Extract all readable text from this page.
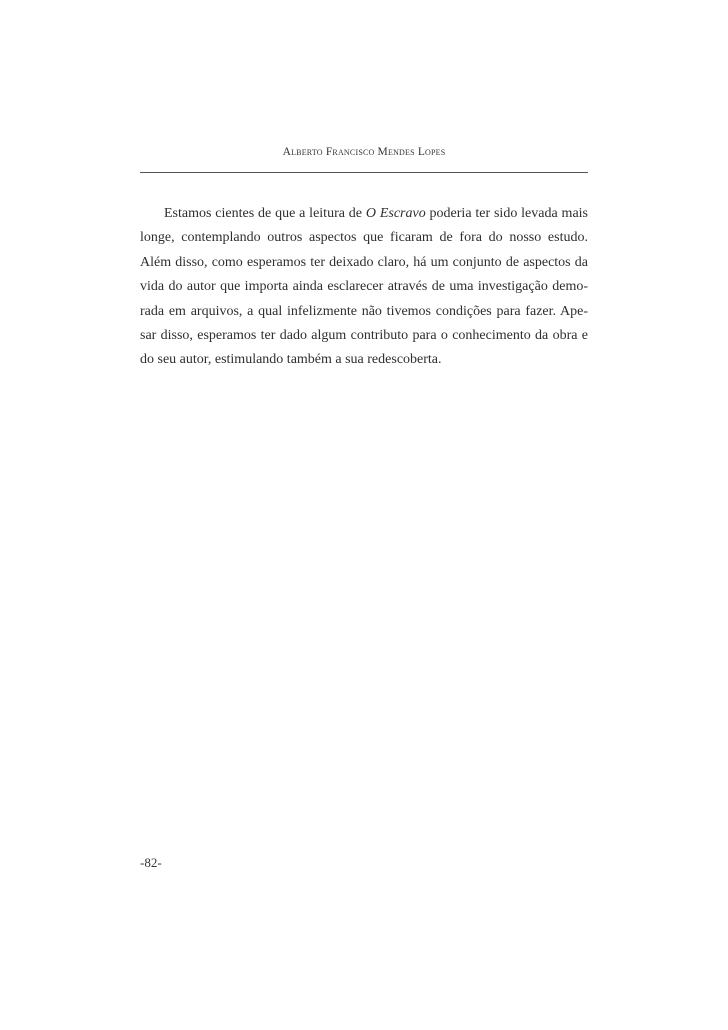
Alberto Francisco Mendes Lopes
Estamos cientes de que a leitura de O Escravo poderia ter sido levada mais
longe, contemplando outros aspectos que ficaram de fora do nosso estudo.
Além disso, como esperamos ter deixado claro, há um conjunto de aspectos da
vida do autor que importa ainda esclarecer através de uma investigação demo-
rada em arquivos, a qual infelizmente não tivemos condições para fazer. Ape-
sar disso, esperamos ter dado algum contributo para o conhecimento da obra e
do seu autor, estimulando também a sua redescoberta.
-82-
